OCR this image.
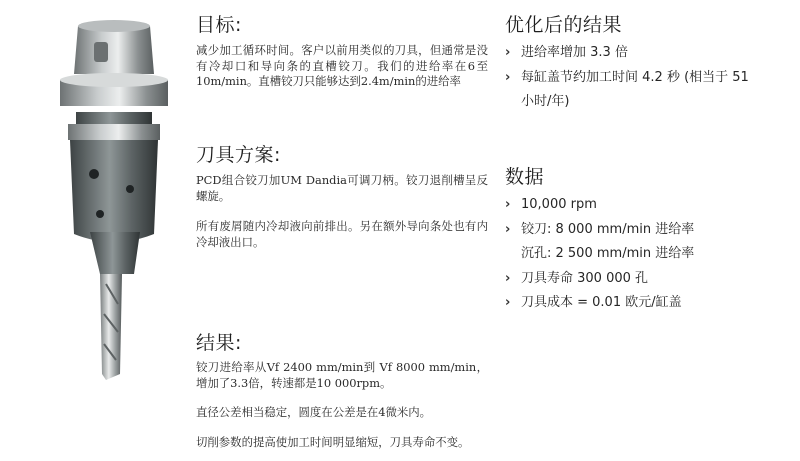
目标:

减少加工循环时间。客户以前用类似的刀具，但通常是没有冷却口和导向条的直槽铰刀。我们的进给率在6至10m/min。直槽铰刀只能够达到2.4m/min的进给率

刀具方案:

PCD组合铰刀加UM Dandia可调刀柄。铰刀退削槽呈反螺旋。

所有废屑随内冷却液向前排出。另在额外导向条处也有内冷却液出口。

结果:

铰刀进给率从Vf 2400 mm/min到 Vf 8000 mm/min，增加了3.3倍，转速都是10 000rpm。

直径公差相当稳定，圆度在公差是在4微米内。

切削参数的提高使加工时间明显缩短，刀具寿命不变。

优化后的结果
› 进给率增加 3.3 倍
› 每缸盖节约加工时间 4.2 秒 (相当于 51
小时/年)
数据
› 10,000 rpm
› 铰刀: 8 000 mm/min 进给率
沉孔: 2 500 mm/min 进给率
› 刀具寿命 300 000 孔
› 刀具成本 = 0.01 欧元/缸盖
